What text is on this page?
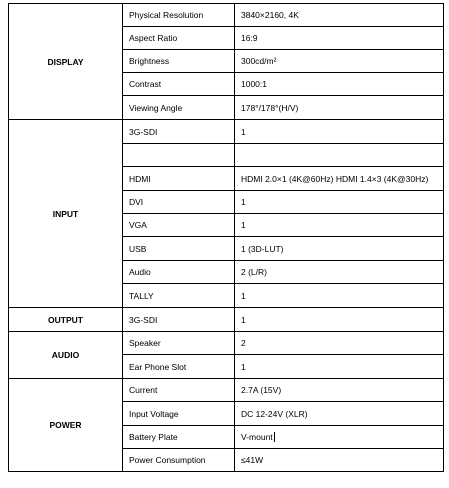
DISPLAY	Physical Resolution	3840×2160, 4K
	Aspect Ratio	16:9
	Brightness	300cd/m²
	Contrast	1000:1
	Viewing Angle	178°/178°(H/V)
INPUT	3G-SDI	1

	HDMI	HDMI 2.0×1 (4K@60Hz) HDMI 1.4×3 (4K@30Hz)
	DVI	1
	VGA	1
	USB	1 (3D-LUT)
	Audio	2 (L/R)
	TALLY	1
OUTPUT	3G-SDI	1
AUDIO	Speaker	2
	Ear Phone Slot	1
POWER	Current	2.7A (15V)
	Input Voltage	DC 12-24V (XLR)
	Battery Plate	V-mount
	Power Consumption	≤41W
